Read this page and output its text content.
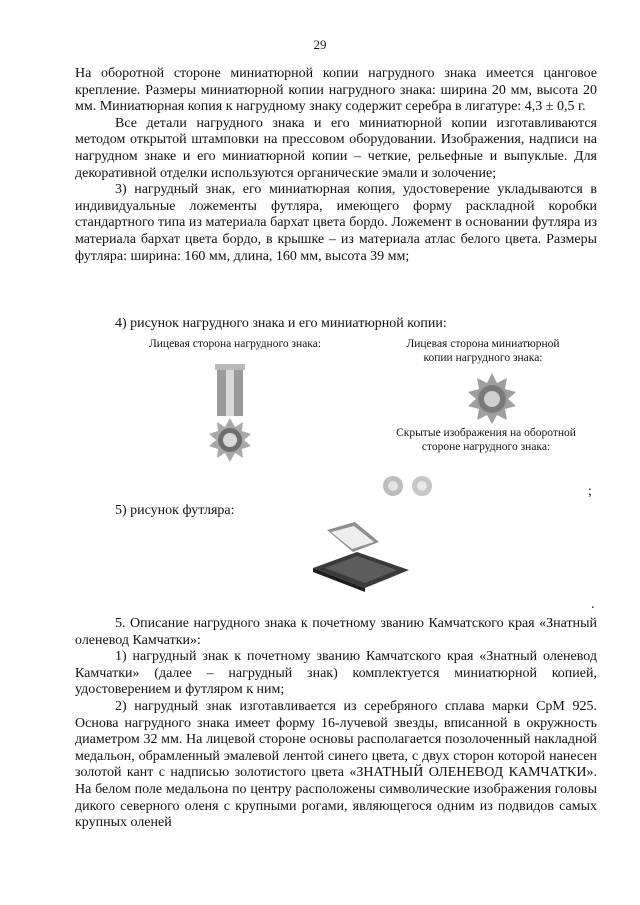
29

На оборотной стороне миниатюрной копии нагрудного знака имеется цанговое крепление. Размеры миниатюрной копии нагрудного знака: ширина 20 мм, высота 20 мм. Миниатюрная копия к нагрудному знаку содержит серебра в лигатуре: 4,3 ± 0,5 г.

Все детали нагрудного знака и его миниатюрной копии изготавливаются методом открытой штамповки на прессовом оборудовании. Изображения, надписи на нагрудном знаке и его миниатюрной копии – четкие, рельефные и выпуклые. Для декоративной отделки используются органические эмали и золочение;

3) нагрудный знак, его миниатюрная копия, удостоверение укладываются в индивидуальные ложементы футляра, имеющего форму раскладной коробки стандартного типа из материала бархат цвета бордо. Ложемент в основании футляра из материала бархат цвета бордо, в крышке – из материала атлас белого цвета. Размеры футляра: ширина: 160 мм, длина, 160 мм, высота 39 мм;

4) рисунок нагрудного знака и его миниатюрной копии:
Лицевая сторона нагрудного знака:	Лицевая сторона миниатюрной
копии нагрудного знака:
Скрытые изображения на оборотной
стороне нагрудного знака:
;
5) рисунок футляра:
.

5. Описание нагрудного знака к почетному званию Камчатского края «Знатный оленевод Камчатки»:

1) нагрудный знак к почетному званию Камчатского края «Знатный оленевод Камчатки» (далее – нагрудный знак) комплектуется миниатюрной копией, удостоверением и футляром к ним;

2) нагрудный знак изготавливается из серебряного сплава марки СрМ 925. Основа нагрудного знака имеет форму 16-лучевой звезды, вписанной в окружность диаметром 32 мм. На лицевой стороне основы располагается позолоченный накладной медальон, обрамленный эмалевой лентой синего цвета, с двух сторон которой нанесен золотой кант с надписью золотистого цвета «ЗНАТНЫЙ ОЛЕНЕВОД КАМЧАТКИ». На белом поле медальона по центру расположены символические изображения головы дикого северного оленя с крупными рогами, являющегося одним из подвидов самых крупных оленей
